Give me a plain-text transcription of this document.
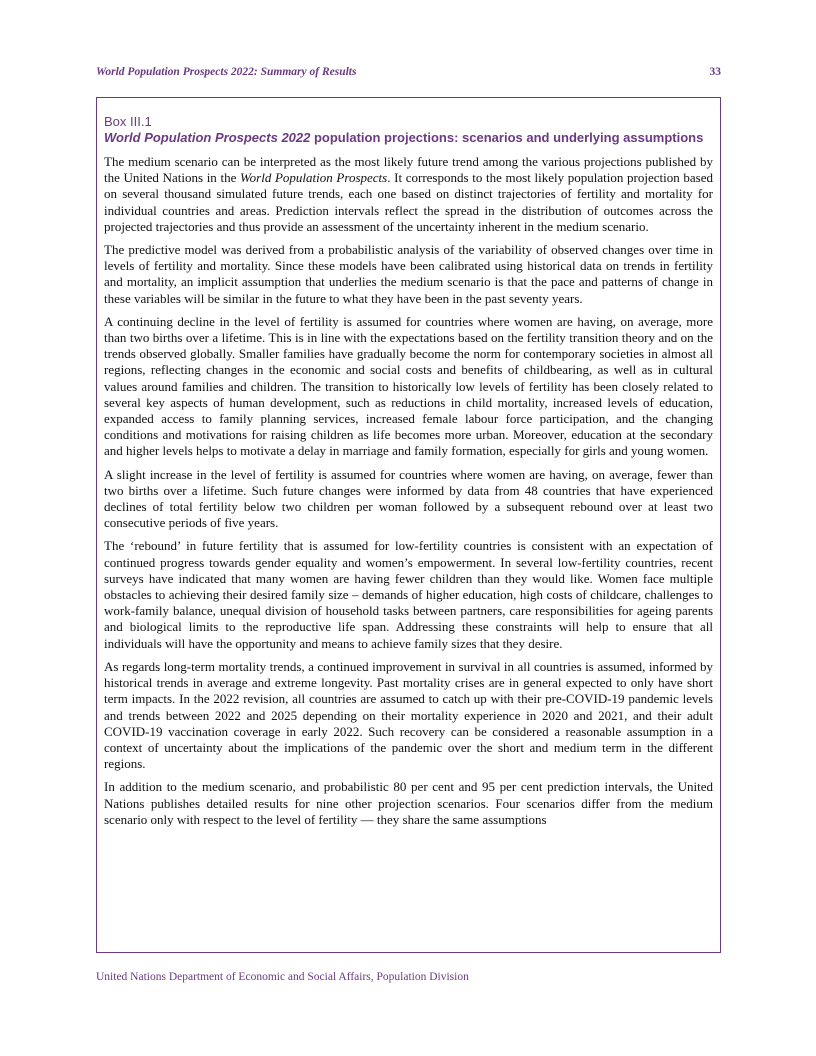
World Population Prospects 2022: Summary of Results	33
Box III.1
World Population Prospects 2022 population projections: scenarios and underlying assumptions

The medium scenario can be interpreted as the most likely future trend among the various projections published by the United Nations in the World Population Prospects. It corresponds to the most likely population projection based on several thousand simulated future trends, each one based on distinct trajectories of fertility and mortality for individual countries and areas. Prediction intervals reflect the spread in the distribution of outcomes across the projected trajectories and thus provide an assessment of the uncertainty inherent in the medium scenario.

The predictive model was derived from a probabilistic analysis of the variability of observed changes over time in levels of fertility and mortality. Since these models have been calibrated using historical data on trends in fertility and mortality, an implicit assumption that underlies the medium scenario is that the pace and patterns of change in these variables will be similar in the future to what they have been in the past seventy years.

A continuing decline in the level of fertility is assumed for countries where women are having, on average, more than two births over a lifetime. This is in line with the expectations based on the fertility transition theory and on the trends observed globally. Smaller families have gradually become the norm for contemporary societies in almost all regions, reflecting changes in the economic and social costs and benefits of childbearing, as well as in cultural values around families and children. The transition to historically low levels of fertility has been closely related to several key aspects of human development, such as reductions in child mortality, increased levels of education, expanded access to family planning services, increased female labour force participation, and the changing conditions and motivations for raising children as life becomes more urban. Moreover, education at the secondary and higher levels helps to motivate a delay in marriage and family formation, especially for girls and young women.

A slight increase in the level of fertility is assumed for countries where women are having, on average, fewer than two births over a lifetime. Such future changes were informed by data from 48 countries that have experienced declines of total fertility below two children per woman followed by a subsequent rebound over at least two consecutive periods of five years.

The ‘rebound’ in future fertility that is assumed for low-fertility countries is consistent with an expectation of continued progress towards gender equality and women’s empowerment. In several low-fertility countries, recent surveys have indicated that many women are having fewer children than they would like. Women face multiple obstacles to achieving their desired family size – demands of higher education, high costs of childcare, challenges to work-family balance, unequal division of household tasks between partners, care responsibilities for ageing parents and biological limits to the reproductive life span. Addressing these constraints will help to ensure that all individuals will have the opportunity and means to achieve family sizes that they desire.

As regards long-term mortality trends, a continued improvement in survival in all countries is assumed, informed by historical trends in average and extreme longevity. Past mortality crises are in general expected to only have short term impacts. In the 2022 revision, all countries are assumed to catch up with their pre-COVID-19 pandemic levels and trends between 2022 and 2025 depending on their mortality experience in 2020 and 2021, and their adult COVID-19 vaccination coverage in early 2022. Such recovery can be considered a reasonable assumption in a context of uncertainty about the implications of the pandemic over the short and medium term in the different regions.

In addition to the medium scenario, and probabilistic 80 per cent and 95 per cent prediction intervals, the United Nations publishes detailed results for nine other projection scenarios. Four scenarios differ from the medium scenario only with respect to the level of fertility — they share the same assumptions

United Nations Department of Economic and Social Affairs, Population Division
